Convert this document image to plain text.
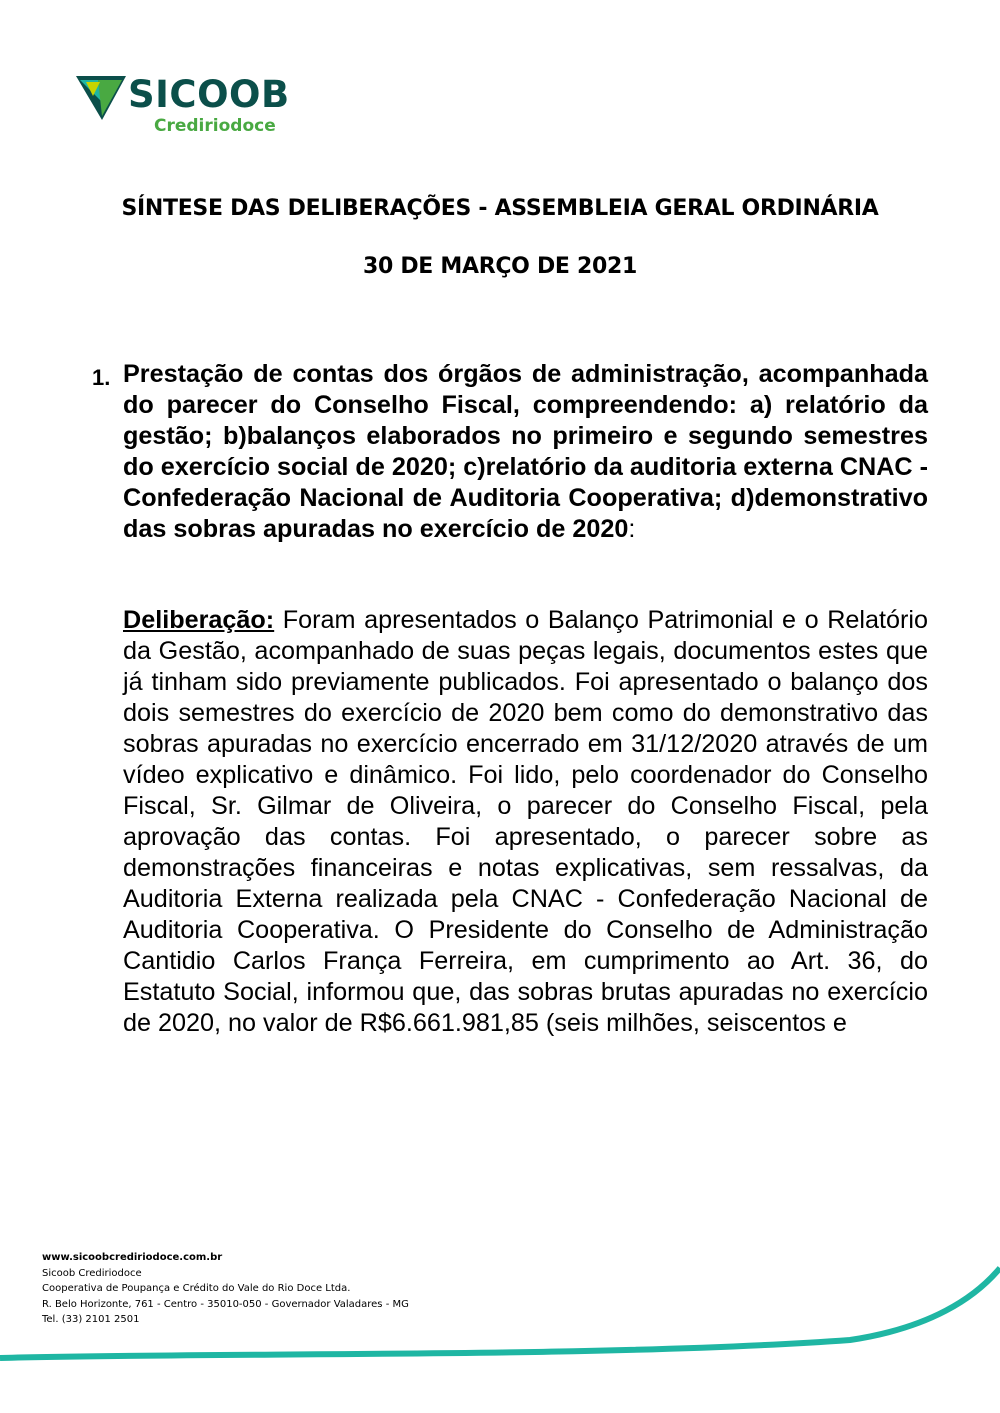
SICOOB
Crediriodoce
SÍNTESE DAS DELIBERAÇÕES - ASSEMBLEIA GERAL ORDINÁRIA
30 DE MARÇO DE 2021
1. Prestação de contas dos órgãos de administração, acompanhada do parecer do Conselho Fiscal, compreendendo: a) relatório da gestão; b)balanços elaborados no primeiro e segundo semestres do exercício social de 2020; c)relatório da auditoria externa CNAC - Confederação Nacional de Auditoria Cooperativa; d)demonstrativo das sobras apuradas no exercício de 2020:
Deliberação: Foram apresentados o Balanço Patrimonial e o Relatório da Gestão, acompanhado de suas peças legais, documentos estes que já tinham sido previamente publicados. Foi apresentado o balanço dos dois semestres do exercício de 2020 bem como do demonstrativo das sobras apuradas no exercício encerrado em 31/12/2020 através de um vídeo explicativo e dinâmico. Foi lido, pelo coordenador do Conselho Fiscal, Sr. Gilmar de Oliveira, o parecer do Conselho Fiscal, pela aprovação das contas. Foi apresentado, o parecer sobre as demonstrações financeiras e notas explicativas, sem ressalvas, da Auditoria Externa realizada pela CNAC - Confederação Nacional de Auditoria Cooperativa. O Presidente do Conselho de Administração Cantidio Carlos França Ferreira, em cumprimento ao Art. 36, do Estatuto Social, informou que, das sobras brutas apuradas no exercício de 2020, no valor de R$6.661.981,85 (seis milhões, seiscentos e
www.sicoobcrediriodoce.com.br
Sicoob Crediriodoce
Cooperativa de Poupança e Crédito do Vale do Rio Doce Ltda.
R. Belo Horizonte, 761 - Centro - 35010-050 - Governador Valadares - MG
Tel. (33) 2101 2501
